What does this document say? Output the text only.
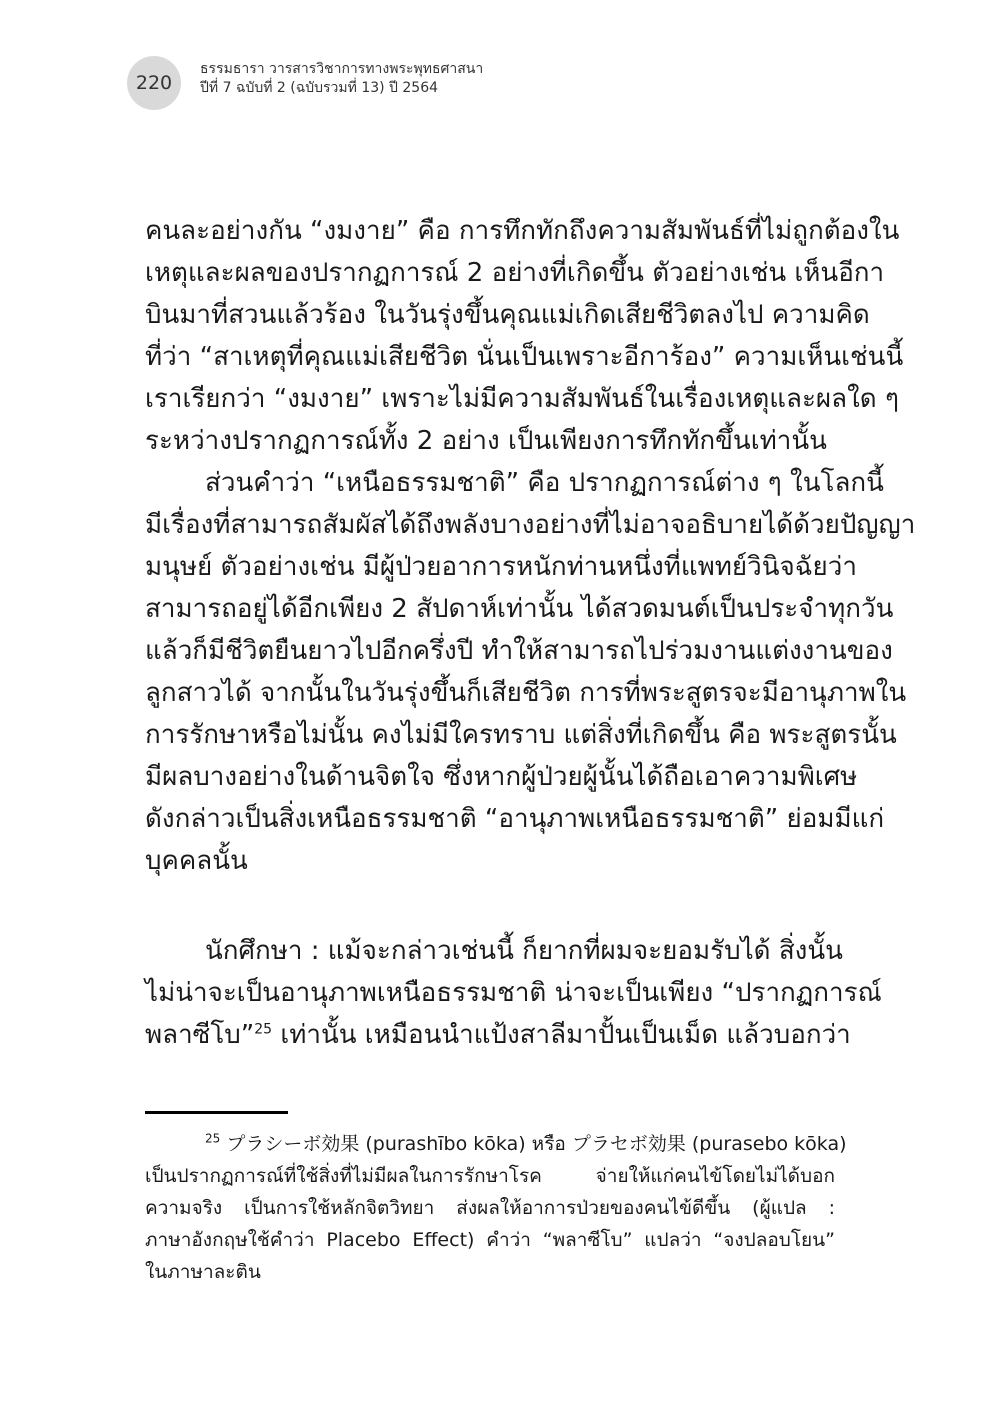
220
ธรรมธารา วารสารวิชาการทางพระพุทธศาสนา
ปีที่ 7 ฉบับที่ 2 (ฉบับรวมที่ 13) ปี 2564
คนละอย่างกัน “งมงาย” คือ การทึกทักถึงความสัมพันธ์ที่ไม่ถูกต้องใน
เหตุและผลของปรากฏการณ์ 2 อย่างที่เกิดขึ้น ตัวอย่างเช่น เห็นอีกา
บินมาที่สวนแล้วร้อง ในวันรุ่งขึ้นคุณแม่เกิดเสียชีวิตลงไป ความคิด
ที่ว่า “สาเหตุที่คุณแม่เสียชีวิต นั่นเป็นเพราะอีการ้อง” ความเห็นเช่นนี้
เราเรียกว่า “งมงาย” เพราะไม่มีความสัมพันธ์ในเรื่องเหตุและผลใด ๆ
ระหว่างปรากฏการณ์ทั้ง 2 อย่าง เป็นเพียงการทึกทักขึ้นเท่านั้น
ส่วนคำว่า “เหนือธรรมชาติ” คือ ปรากฏการณ์ต่าง ๆ ในโลกนี้
มีเรื่องที่สามารถสัมผัสได้ถึงพลังบางอย่างที่ไม่อาจอธิบายได้ด้วยปัญญา
มนุษย์ ตัวอย่างเช่น มีผู้ป่วยอาการหนักท่านหนึ่งที่แพทย์วินิจฉัยว่า
สามารถอยู่ได้อีกเพียง 2 สัปดาห์เท่านั้น ได้สวดมนต์เป็นประจำทุกวัน
แล้วก็มีชีวิตยืนยาวไปอีกครึ่งปี ทำให้สามารถไปร่วมงานแต่งงานของ
ลูกสาวได้ จากนั้นในวันรุ่งขึ้นก็เสียชีวิต การที่พระสูตรจะมีอานุภาพใน
การรักษาหรือไม่นั้น คงไม่มีใครทราบ แต่สิ่งที่เกิดขึ้น คือ พระสูตรนั้น
มีผลบางอย่างในด้านจิตใจ ซึ่งหากผู้ป่วยผู้นั้นได้ถือเอาความพิเศษ
ดังกล่าวเป็นสิ่งเหนือธรรมชาติ “อานุภาพเหนือธรรมชาติ” ย่อมมีแก่
บุคคลนั้น
นักศึกษา : แม้จะกล่าวเช่นนี้ ก็ยากที่ผมจะยอมรับได้ สิ่งนั้น
ไม่น่าจะเป็นอานุภาพเหนือธรรมชาติ น่าจะเป็นเพียง “ปรากฏการณ์
พลาซีโบ”$^{25}$ เท่านั้น เหมือนนำแป้งสาลีมาปั้นเป็นเม็ด แล้วบอกว่า
$^{25}$ プラシーボ効果 (purashībo kōka) หรือ プラセボ効果 (purasebo kōka)
เป็นปรากฏการณ์ที่ใช้สิ่งที่ไม่มีผลในการรักษาโรค จ่ายให้แก่คนไข้โดยไม่ได้บอก
ความจริง เป็นการใช้หลักจิตวิทยา ส่งผลให้อาการป่วยของคนไข้ดีขึ้น (ผู้แปล :
ภาษาอังกฤษใช้คำว่า Placebo Effect) คำว่า “พลาซีโบ” แปลว่า “จงปลอบโยน”
ในภาษาละติน
